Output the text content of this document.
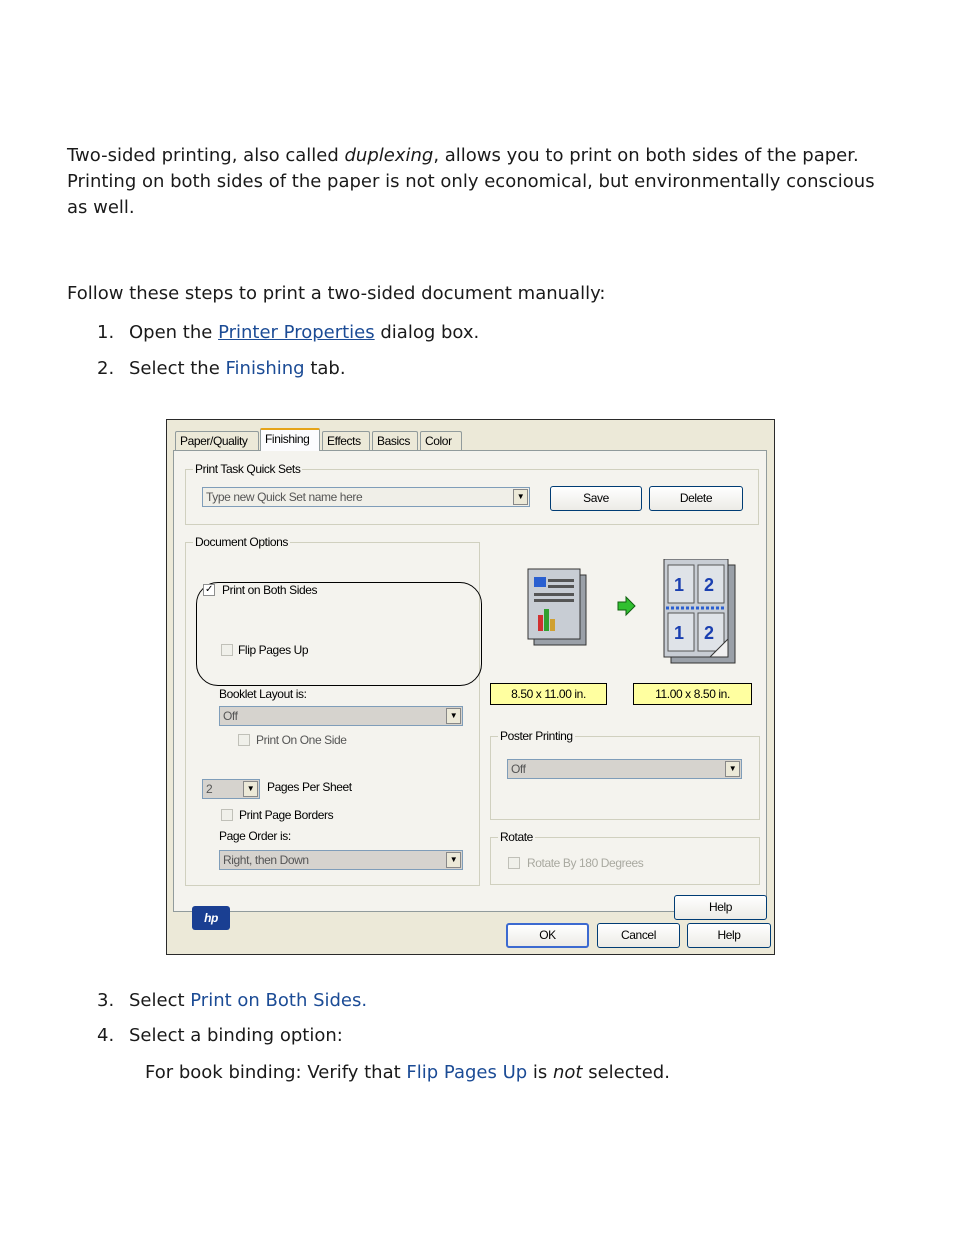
Two-sided printing, also called duplexing, allows you to print on both sides of the paper. Printing on both sides of the paper is not only economical, but environmentally conscious as well.

Follow these steps to print a two-sided document manually:

1. Open the Printer Properties dialog box.
2. Select the Finishing tab.
Paper/Quality	Finishing	Effects	Basics	Color
Print Task Quick Sets
Type new Quick Set name here	▼	Save	Delete
Document Options
✓ Print on Both Sides
Flip Pages Up
Booklet Layout is:
Off	▼
Print On One Side
2	▼	Pages Per Sheet
Print Page Borders
Page Order is:
Right, then Down	▼
1 2
1 2
8.50 x 11.00 in.	11.00 x 8.50 in.
Poster Printing
Off	▼
Rotate
Rotate By 180 Degrees
hp
Help
OK	Cancel	Help
3. Select Print on Both Sides.
4. Select a binding option:
For book binding: Verify that Flip Pages Up is not selected.
